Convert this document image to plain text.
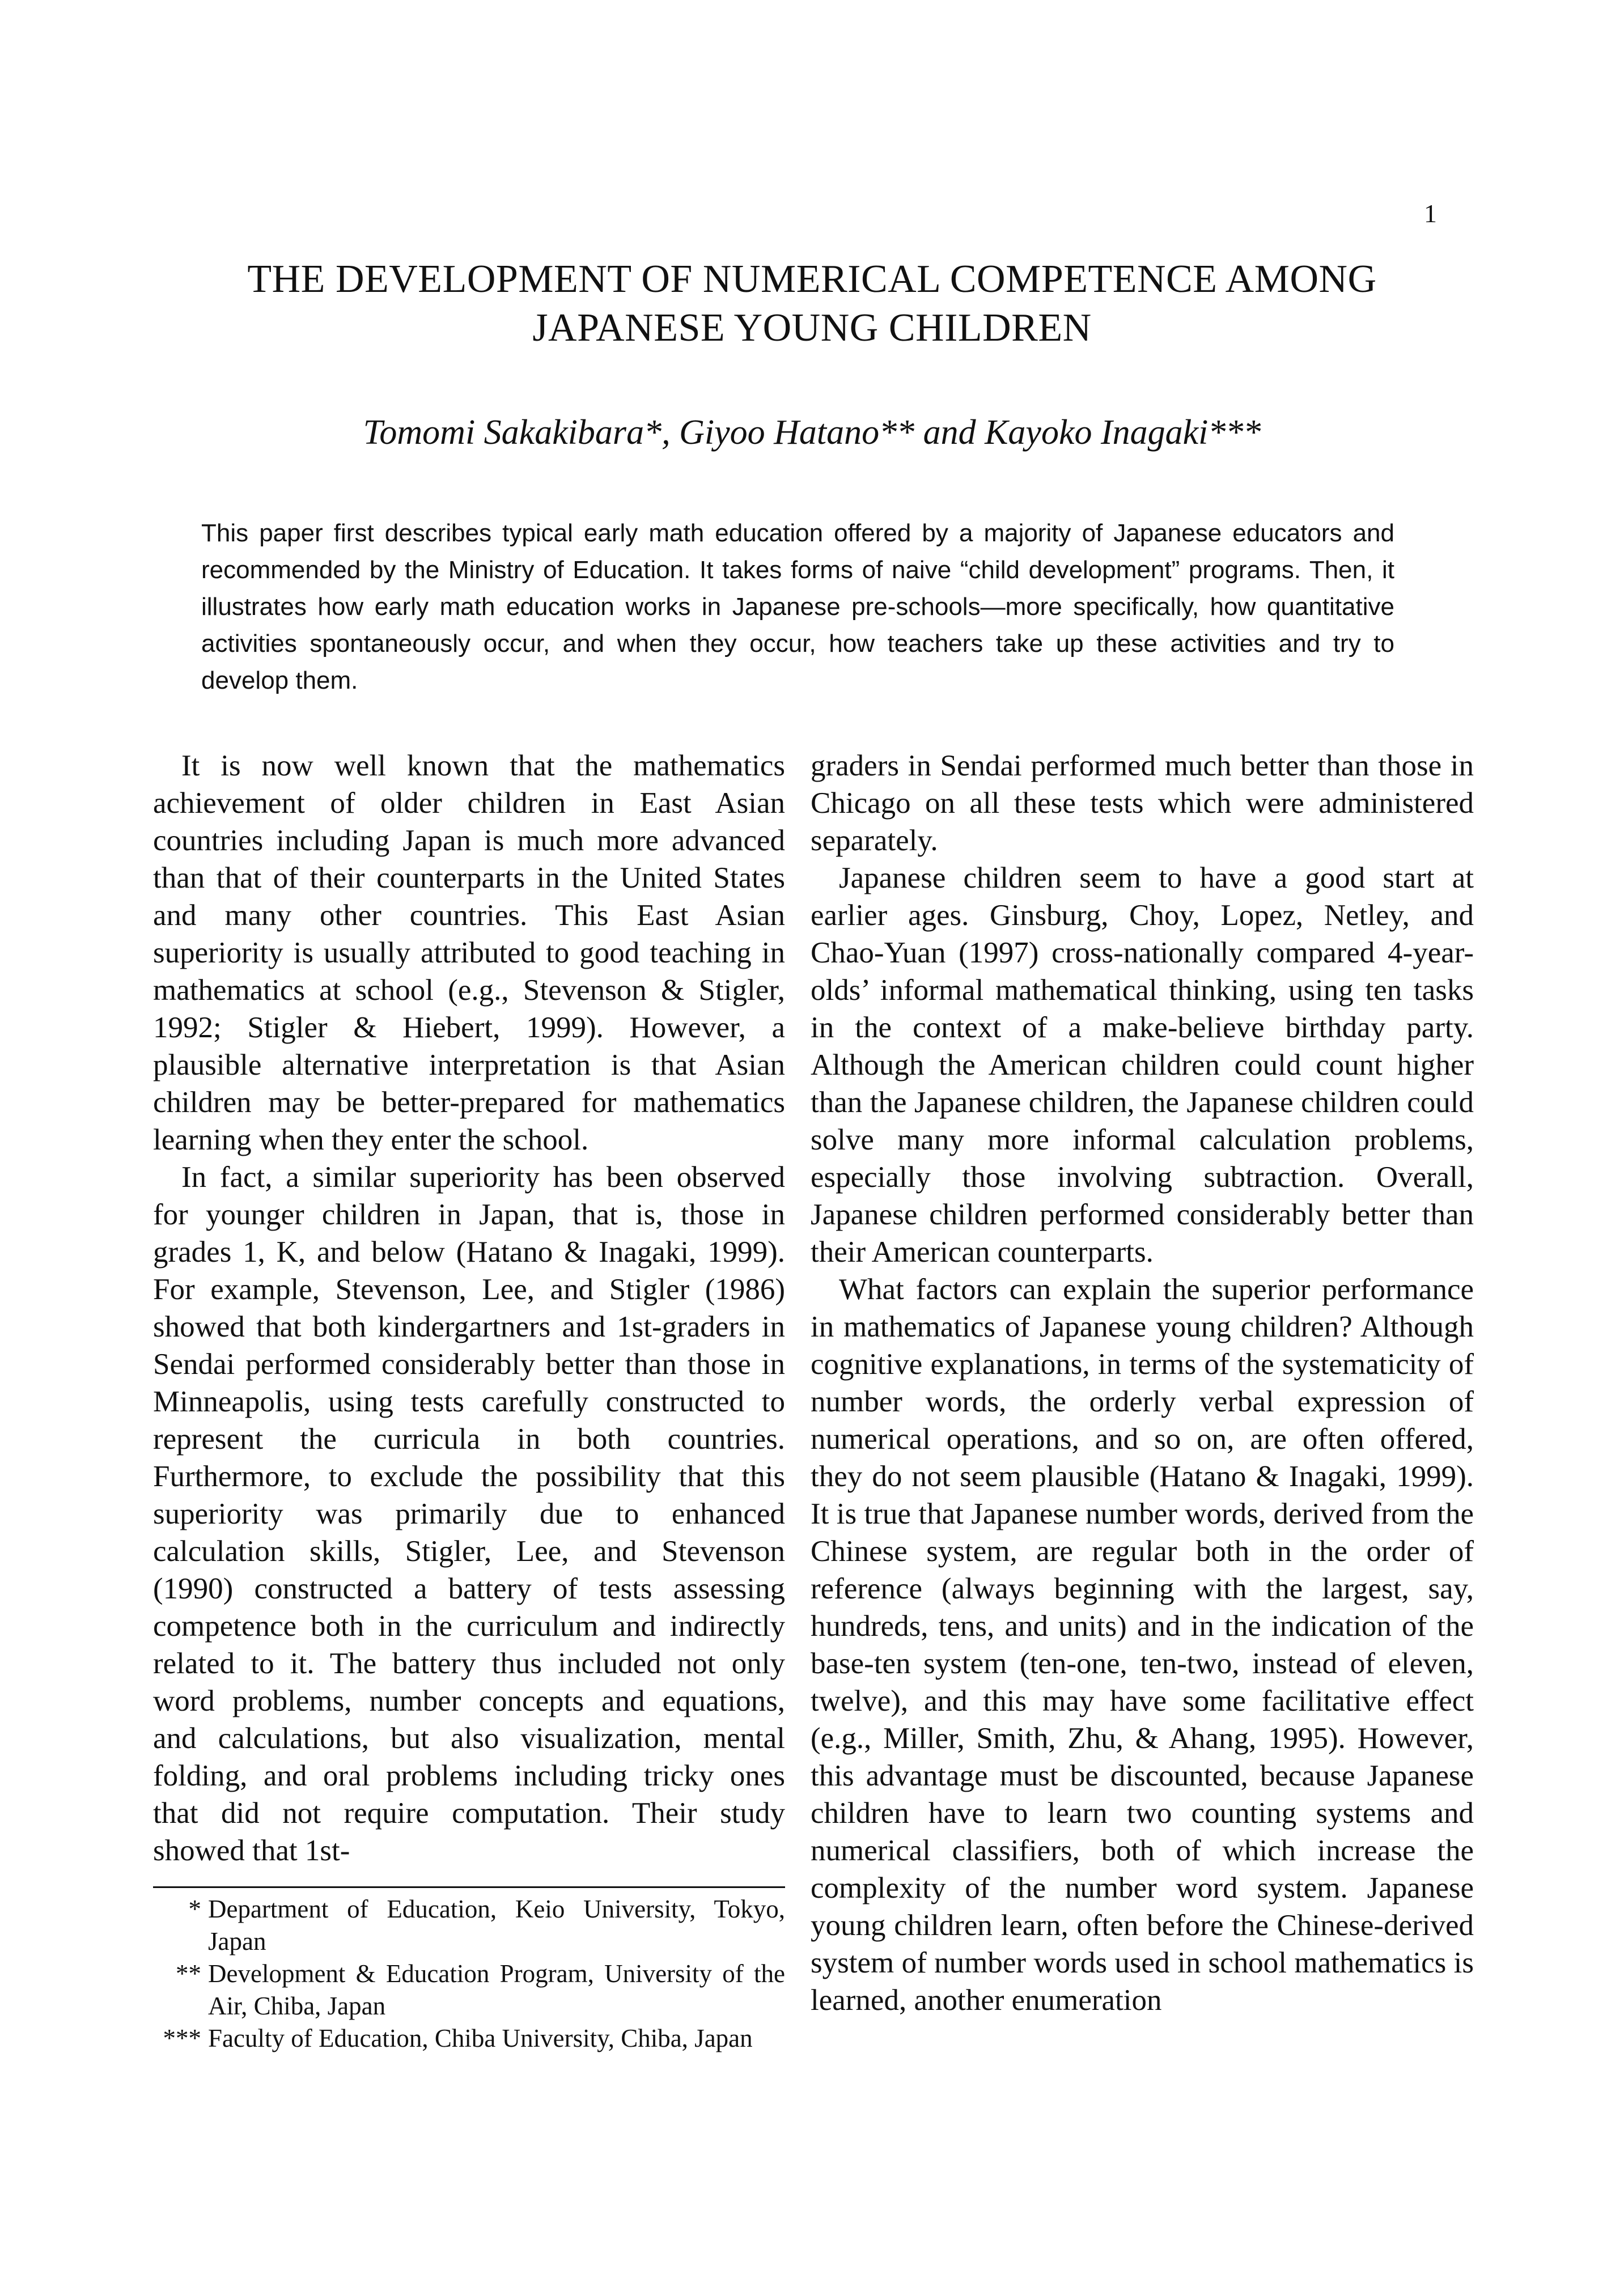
1
THE DEVELOPMENT OF NUMERICAL COMPETENCE AMONG
JAPANESE YOUNG CHILDREN
Tomomi Sakakibara*, Giyoo Hatano** and Kayoko Inagaki***

This paper first describes typical early math education offered by a majority of Japanese educators and recommended by the Ministry of Education. It takes forms of naive “child development” programs. Then, it illustrates how early math education works in Japanese pre-schools—more specifically, how quantitative activities spontaneously occur, and when they occur, how teachers take up these activities and try to develop them.

It is now well known that the mathematics achievement of older children in East Asian countries including Japan is much more advanced than that of their counterparts in the United States and many other countries. This East Asian superiority is usually attributed to good teaching in mathematics at school (e.g., Stevenson & Stigler, 1992; Stigler & Hiebert, 1999). However, a plausible alternative interpretation is that Asian children may be better-prepared for mathematics learning when they enter the school.

In fact, a similar superiority has been observed for younger children in Japan, that is, those in grades 1, K, and below (Hatano & Inagaki, 1999). For example, Stevenson, Lee, and Stigler (1986) showed that both kindergartners and 1st-graders in Sendai performed considerably better than those in Minneapolis, using tests carefully constructed to represent the curricula in both countries. Furthermore, to exclude the possibility that this superiority was primarily due to enhanced calculation skills, Stigler, Lee, and Stevenson (1990) constructed a battery of tests assessing competence both in the curriculum and indirectly related to it. The battery thus included not only word problems, number concepts and equations, and calculations, but also visualization, mental folding, and oral problems including tricky ones that did not require computation. Their study showed that 1st-

graders in Sendai performed much better than those in Chicago on all these tests which were administered separately.

Japanese children seem to have a good start at earlier ages. Ginsburg, Choy, Lopez, Netley, and Chao-Yuan (1997) cross-nationally compared 4-year-olds’ informal mathematical thinking, using ten tasks in the context of a make-believe birthday party. Although the American children could count higher than the Japanese children, the Japanese children could solve many more informal calculation problems, especially those involving subtraction. Overall, Japanese children performed considerably better than their American counterparts.

What factors can explain the superior performance in mathematics of Japanese young children? Although cognitive explanations, in terms of the systematicity of number words, the orderly verbal expression of numerical operations, and so on, are often offered, they do not seem plausible (Hatano & Inagaki, 1999). It is true that Japanese number words, derived from the Chinese system, are regular both in the order of reference (always beginning with the largest, say, hundreds, tens, and units) and in the indication of the base-ten system (ten-one, ten-two, instead of eleven, twelve), and this may have some facilitative effect (e.g., Miller, Smith, Zhu, & Ahang, 1995). However, this advantage must be discounted, because Japanese children have to learn two counting systems and numerical classifiers, both of which increase the complexity of the number word system. Japanese young children learn, often before the Chinese-derived system of number words used in school mathematics is learned, another enumeration

* Department of Education, Keio University, Tokyo, Japan
** Development & Education Program, University of the Air, Chiba, Japan
*** Faculty of Education, Chiba University, Chiba, Japan
